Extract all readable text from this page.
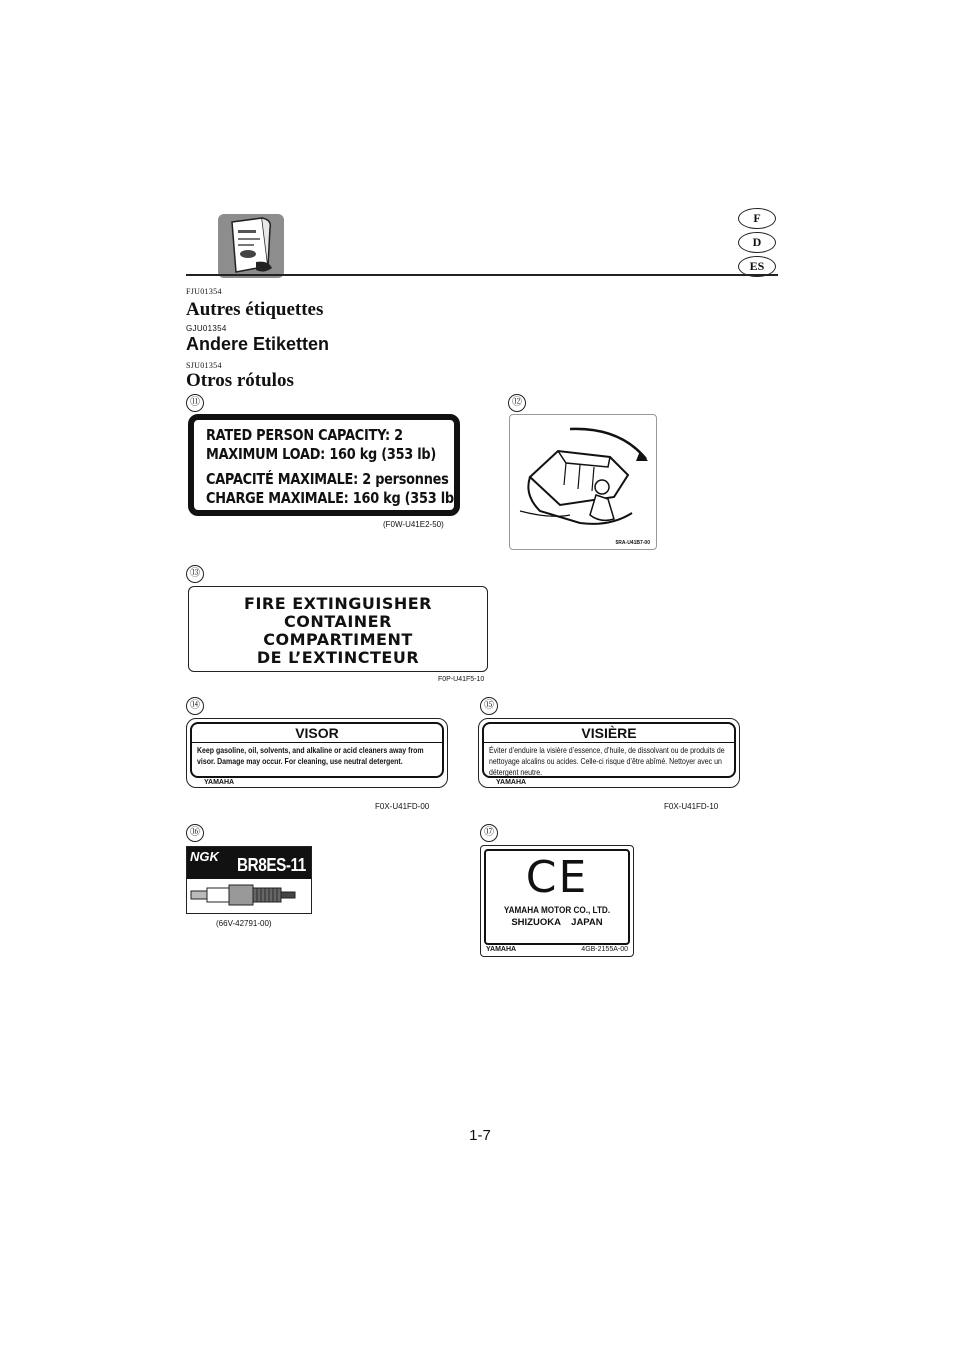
F
D
ES
FJU01354
Autres étiquettes
GJU01354
Andere Etiketten
SJU01354
Otros rótulos
⑪
RATED PERSON CAPACITY: 2
MAXIMUM LOAD: 160 kg (353 lb)
CAPACITÉ MAXIMALE: 2 personnes
CHARGE MAXIMALE: 160 kg (353 lb)
(F0W-U41E2-50)
⑫
5RA-U41B7-00
⑬
FIRE EXTINGUISHER
CONTAINER
COMPARTIMENT
DE L’EXTINCTEUR
F0P-U41F5-10
⑭
VISOR
Keep gasoline, oil, solvents, and alkaline or acid cleaners away from visor. Damage may occur. For cleaning, use neutral detergent.
YAMAHA
F0X-U41FD-00
⑮
VISIÈRE
Éviter d’enduire la visière d’essence, d’huile, de dissolvant ou de produits de nettoyage alcalins ou acides. Celle-ci risque d’être abîmé. Nettoyer avec un détergent neutre.
YAMAHA
F0X-U41FD-10
⑯
NGK BR8ES-11
(66V-42791-00)
⑰
CE
YAMAHA MOTOR CO., LTD.
SHIZUOKA    JAPAN
YAMAHA	4GB-2155A-00
1-7
